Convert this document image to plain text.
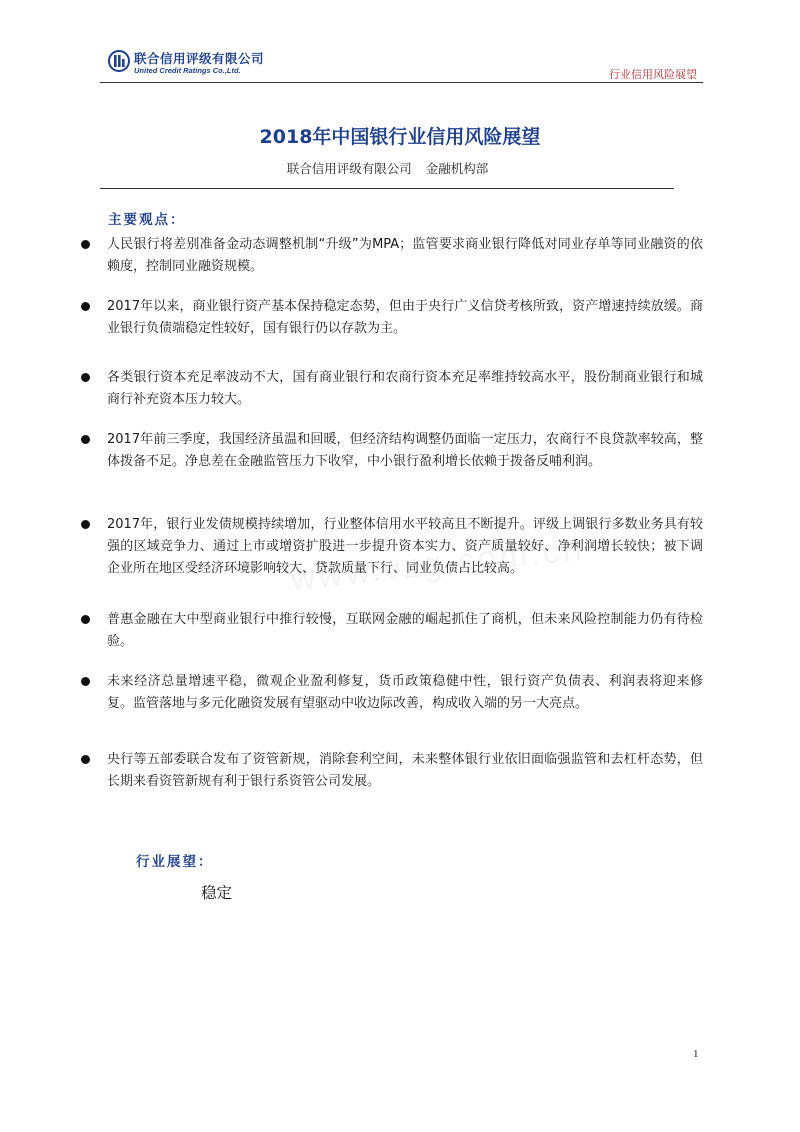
联合信用评级有限公司
United Credit Ratings Co.,Ltd.	行业信用风险展望
2018年中国银行业信用风险展望
联合信用评级有限公司 金融机构部
主要观点：
人民银行将差别准备金动态调整机制“升级”为MPA；监管要求商业银行降低对同业存单等同业融资的依赖度，控制同业融资规模。
2017年以来，商业银行资产基本保持稳定态势，但由于央行广义信贷考核所致，资产增速持续放缓。商业银行负债端稳定性较好，国有银行仍以存款为主。
各类银行资本充足率波动不大，国有商业银行和农商行资本充足率维持较高水平，股份制商业银行和城商行补充资本压力较大。
2017年前三季度，我国经济虽温和回暖，但经济结构调整仍面临一定压力，农商行不良贷款率较高，整体拨备不足。净息差在金融监管压力下收窄，中小银行盈利增长依赖于拨备反哺利润。
2017年，银行业发债规模持续增加，行业整体信用水平较高且不断提升。评级上调银行多数业务具有较强的区域竞争力、通过上市或增资扩股进一步提升资本实力、资产质量较好、净利润增长较快；被下调企业所在地区受经济环境影响较大、贷款质量下行、同业负债占比较高。
普惠金融在大中型商业银行中推行较慢，互联网金融的崛起抓住了商机，但未来风险控制能力仍有待检验。
未来经济总量增速平稳，微观企业盈利修复，货币政策稳健中性，银行资产负债表、利润表将迎来修复。监管落地与多元化融资发展有望驱动中收边际改善，构成收入端的另一大亮点。
央行等五部委联合发布了资管新规，消除套利空间，未来整体银行业依旧面临强监管和去杠杆态势，但长期来看资管新规有利于银行系资管公司发展。
行业展望：
稳定
1
